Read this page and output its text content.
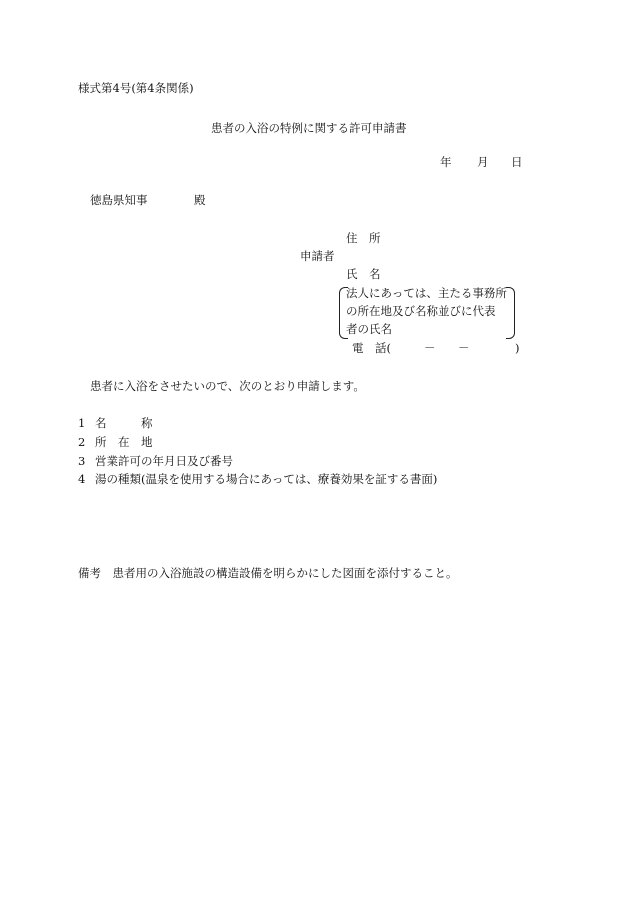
様式第4号(第4条関係)
患者の入浴の特例に関する許可申請書
年 月 日
徳島県知事	殿
住　所
申請者
氏　名
法人にあっては、主たる事務所
の所在地及び名称並びに代表
者の氏名
電　話(	－ －	)
患者に入浴をさせたいので、次のとおり申請します。
1 名　　　称
2 所　在　地
3 営業許可の年月日及び番号
4 湯の種類(温泉を使用する場合にあっては、療養効果を証する書面)
備考　患者用の入浴施設の構造設備を明らかにした図面を添付すること。
